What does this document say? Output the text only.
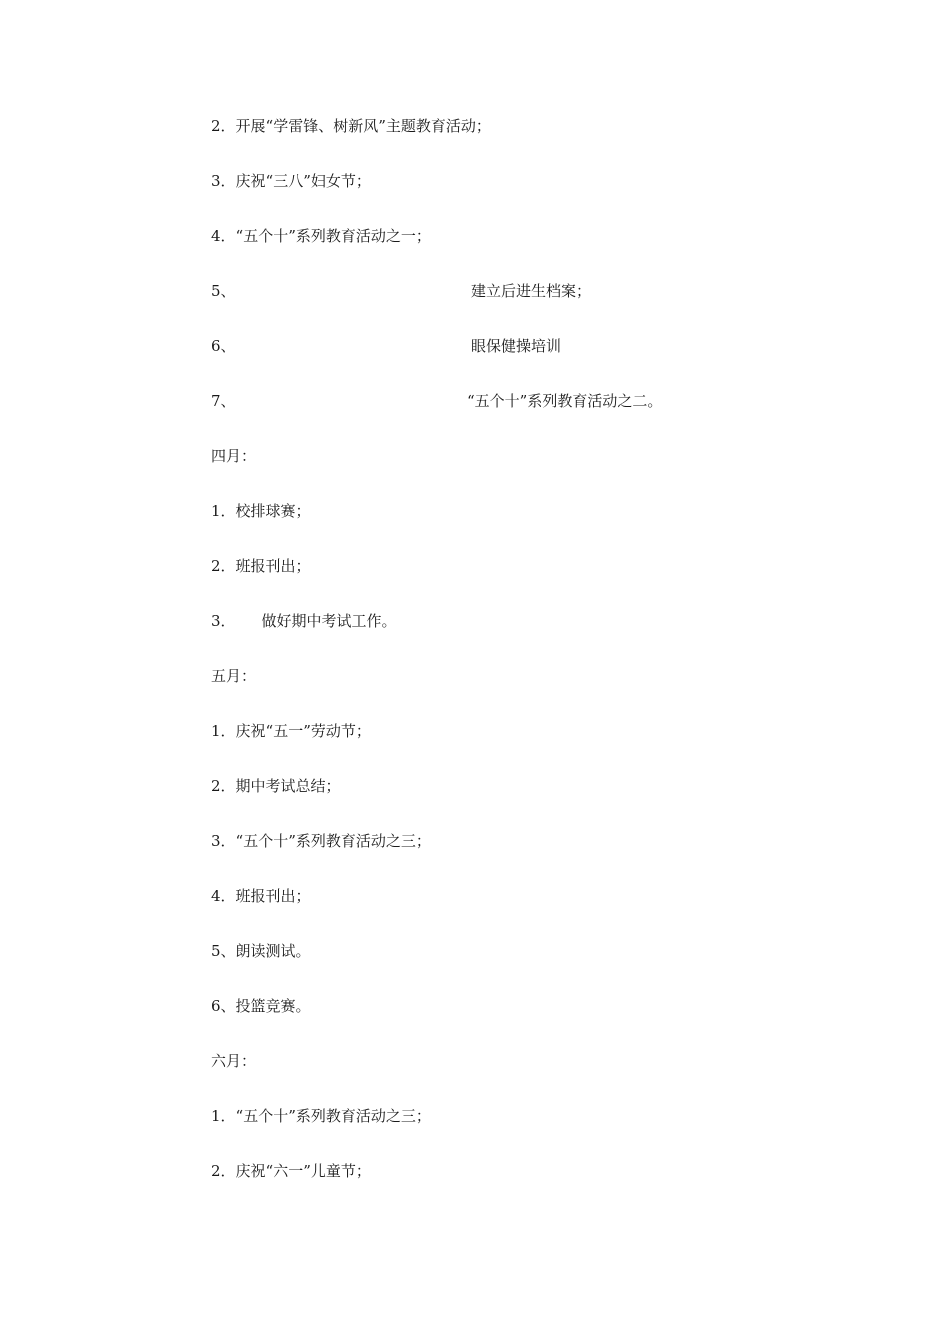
2．开展“学雷锋、树新风”主题教育活动；
3．庆祝“三八”妇女节；
4．“五个十”系列教育活动之一；
5、	建立后进生档案；
6、	眼保健操培训
7、	“五个十”系列教育活动之二。
四月：
1．校排球赛；
2．班报刊出；
3． 做好期中考试工作。
五月：
1．庆祝“五一”劳动节；
2．期中考试总结；
3．“五个十”系列教育活动之三；
4．班报刊出；
5、朗读测试。
6、投篮竞赛。
六月：
1．“五个十”系列教育活动之三；
2．庆祝“六一”儿童节；
